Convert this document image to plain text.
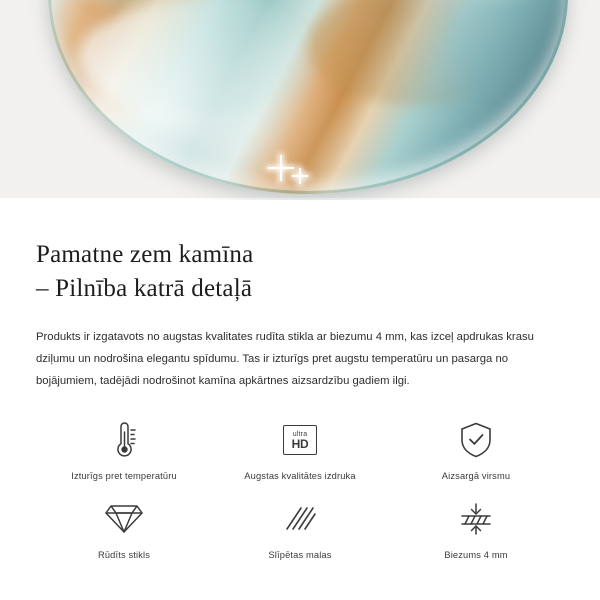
Pamatne zem kamīna
– Pilnība katrā detaļā

Produkts ir izgatavots no augstas kvalitates rudīta stikla ar biezumu 4 mm, kas izceļ apdrukas krasu dziļumu un nodrošina elegantu spīdumu. Tas ir izturīgs pret augstu temperatūru un pasarga no bojājumiem, tadējādi nodrošinot kamīna apkārtnes aizsardzību gadiem ilgi.

Izturīgs pret temperatūru
ultra
HD
Augstas kvalitātes izdruka	Aizsargā virsmu
Rūdīts stikls	Slīpētas malas	Biezums 4 mm
